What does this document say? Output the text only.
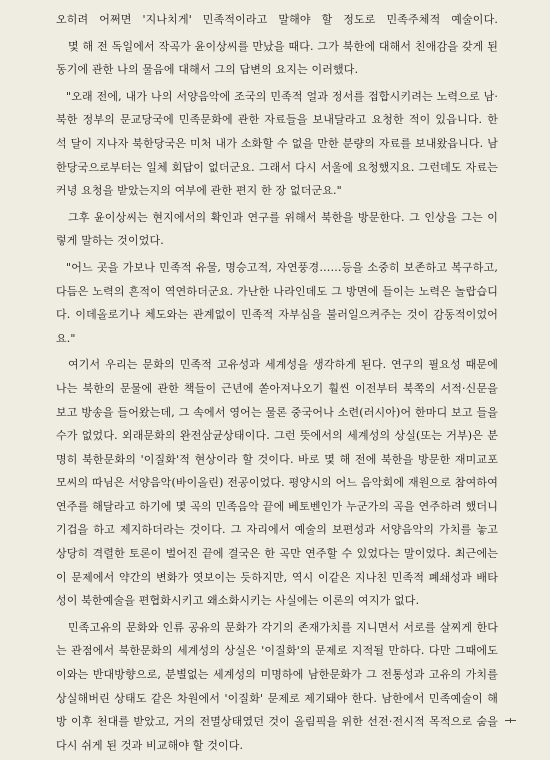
오히려 어쩌면 '지나치게' 민족적이라고 말해야 할 정도로 민족주체적 예술이다.

몇 해 전 독일에서 작곡가 윤이상씨를 만났을 때다. 그가 북한에 대해서 친애감을 갖게 된 동기에 관한 나의 물음에 대해서 그의 답변의 요지는 이러했다.

"오래 전에, 내가 나의 서양음악에 조국의 민족적 얼과 정서를 접합시키려는 노력으로 남·북한 정부의 문교당국에 민족문화에 관한 자료들을 보내달라고 요청한 적이 있읍니다. 한 석 달이 지나자 북한당국은 미처 내가 소화할 수 없을 만한 분량의 자료를 보내왔읍니다. 남한당국으로부터는 일체 회답이 없더군요. 그래서 다시 서울에 요청했지요. 그런데도 자료는커녕 요청을 받았는지의 여부에 관한 편지 한 장 없더군요."

그후 윤이상씨는 현지에서의 확인과 연구를 위해서 북한을 방문한다. 그 인상을 그는 이렇게 말하는 것이었다.

"어느 곳을 가보나 민족적 유물, 명승고적, 자연풍경……등을 소중히 보존하고 복구하고, 다듬은 노력의 흔적이 역연하더군요. 가난한 나라인데도 그 방면에 들이는 노력은 놀랍습디다. 이데올로기나 체도와는 관계없이 민족적 자부심을 불러일으켜주는 것이 감동적이었어요."

여기서 우리는 문화의 민족적 고유성과 세계성을 생각하게 된다. 연구의 필요성 때문에 나는 북한의 문물에 관한 책들이 근년에 쏟아져나오기 훨씬 이전부터 북쪽의 서적·신문을 보고 방송을 들어왔는데, 그 속에서 영어는 물론 중국어나 소련(러시아)어 한마디 보고 들을 수가 없었다. 외래문화의 완전삼균상태이다. 그런 뜻에서의 세계성의 상실(또는 거부)은 분명히 북한문화의 '이질화'적 현상이라 할 것이다. 바로 몇 해 전에 북한을 방문한 재미교포 모씨의 따님은 서양음악(바이올린) 전공이었다. 평양시의 어느 음악회에 재원으로 참여하여 연주를 해달라고 하기에 몇 곡의 민족음악 끝에 베토벤인가 누군가의 곡을 연주하려 했더니 기겁을 하고 제지하더라는 것이다. 그 자리에서 예술의 보편성과 서양음악의 가치를 놓고 상당히 격렬한 토론이 벌어진 끝에 결국은 한 곡만 연주할 수 있었다는 말이었다. 최근에는 이 문제에서 약간의 변화가 엿보이는 듯하지만, 역시 이같은 지나친 민족적 폐쇄성과 배타성이 북한예술을 편협화시키고 왜소화시키는 사실에는 이론의 여지가 없다.

민족고유의 문화와 인류 공유의 문화가 각기의 존재가치를 지니면서 서로를 살찌게 한다는 관점에서 북한문화의 세계성의 상실은 '이질화'의 문제로 지적될 만하다. 다만 그때에도 이와는 반대방향으로, 분별없는 세계성의 미명하에 남한문화가 그 전통성과 고유의 가치를 상실해버린 상태도 같은 차원에서 '이질화' 문제로 제기돼야 한다. 남한에서 민족예술이 해방 이후 천대를 받았고, 거의 전멸상태였던 것이 올림픽을 위한 선전·전시적 목적으로 숨을 다시 쉬게 된 것과 비교해야 할 것이다.
